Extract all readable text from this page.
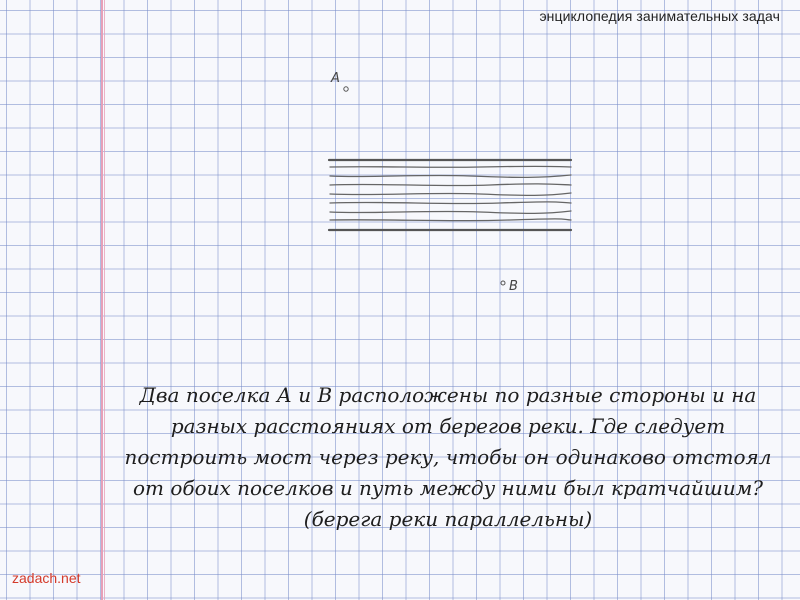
энциклопедия занимательных задач
A
B

Два поселка А и В расположены по разные стороны и на разных расстояниях от берегов реки. Где следует построить мост через реку, чтобы он одинаково отстоял от обоих поселков и путь между ними был кратчайшим? (берега реки параллельны)

zadach.net
